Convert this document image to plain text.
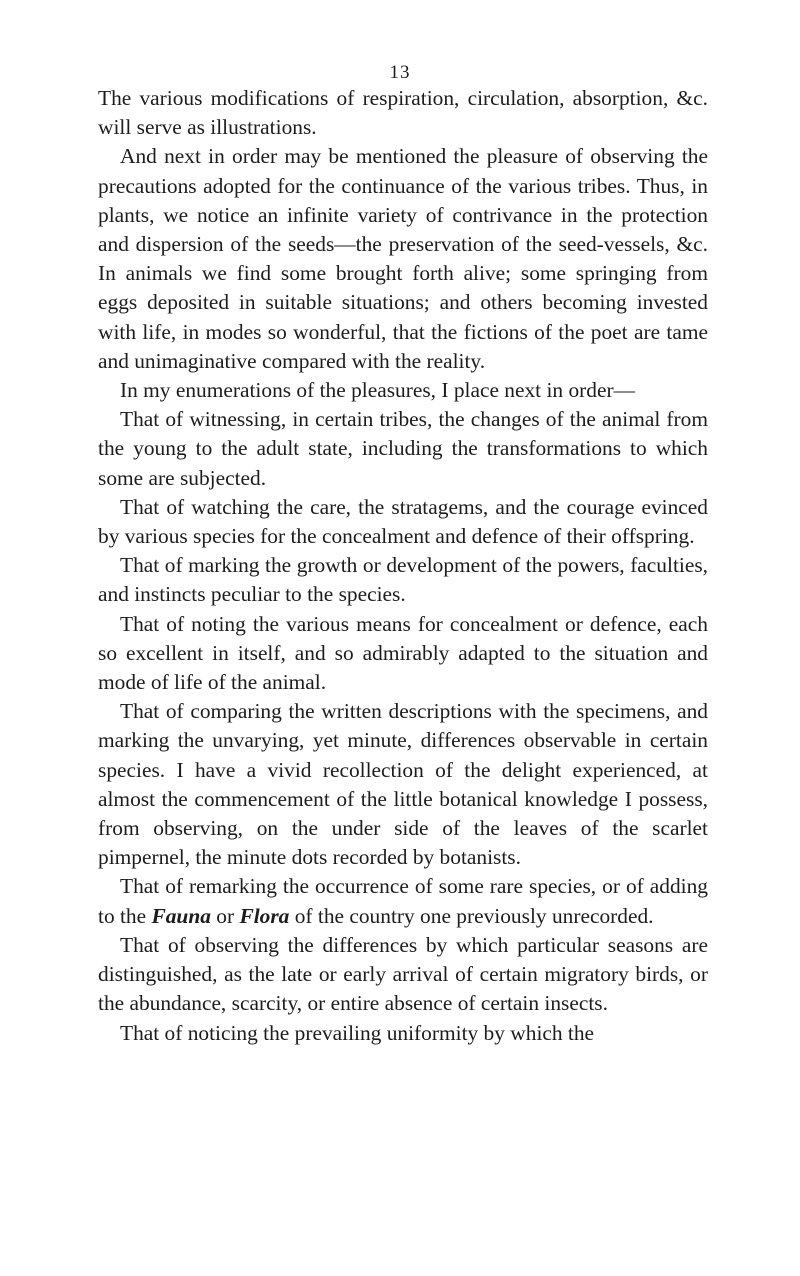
13

The various modifications of respiration, circulation, absorption, &c. will serve as illustrations.

And next in order may be mentioned the pleasure of observing the precautions adopted for the continuance of the various tribes. Thus, in plants, we notice an infinite variety of contrivance in the protection and dispersion of the seeds—the preservation of the seed-vessels, &c. In animals we find some brought forth alive; some springing from eggs deposited in suitable situations; and others becoming invested with life, in modes so wonderful, that the fictions of the poet are tame and unimaginative compared with the reality.

In my enumerations of the pleasures, I place next in order—

That of witnessing, in certain tribes, the changes of the animal from the young to the adult state, including the transformations to which some are subjected.

That of watching the care, the stratagems, and the courage evinced by various species for the concealment and defence of their offspring.

That of marking the growth or development of the powers, faculties, and instincts peculiar to the species.

That of noting the various means for concealment or defence, each so excellent in itself, and so admirably adapted to the situation and mode of life of the animal.

That of comparing the written descriptions with the specimens, and marking the unvarying, yet minute, differences observable in certain species. I have a vivid recollection of the delight experienced, at almost the commencement of the little botanical knowledge I possess, from observing, on the under side of the leaves of the scarlet pimpernel, the minute dots recorded by botanists.

That of remarking the occurrence of some rare species, or of adding to the Fauna or Flora of the country one previously unrecorded.

That of observing the differences by which particular seasons are distinguished, as the late or early arrival of certain migratory birds, or the abundance, scarcity, or entire absence of certain insects.

That of noticing the prevailing uniformity by which the
